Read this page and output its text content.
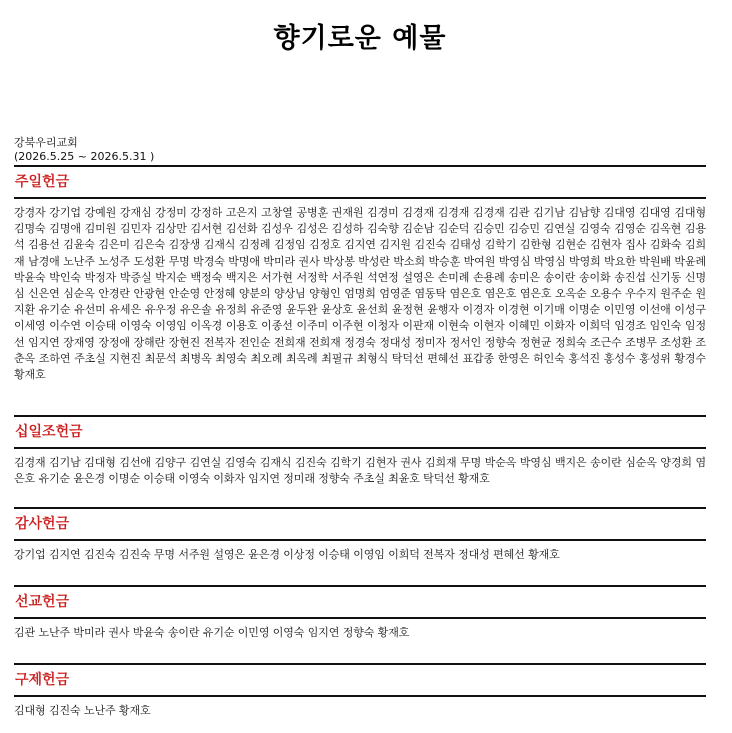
향기로운 예물
강북우리교회
(2026.5.25 ~ 2026.5.31 )
주일헌금
강경자 강기업 강예원 강재심 강정미 강정하 고은지 고창열 공병훈 권재원 김경미 김경재 김경재 김경재 김관 김기남 김남향 김대영 김대영 김대형 김명숙 김명애 김미원 김민자 김상만 김서현 김선화 김성우 김성은 김성하 김숙향 김순남 김순덕 김승민 김승민 김연실 김영숙 김영순 김옥현 김용석 김용선 김윤숙 김은미 김은숙 김장생 김재식 김정례 김정임 김정호 김지연 김지원 김진숙 김태성 김학기 김한형 김현순 김현자 집사 김화숙 김희재 남경애 노난주 노성주 도성환 무명 박경숙 박명애 박미라 권사 박상봉 박성란 박소희 박승훈 박여원 박영심 박영심 박영희 박요한 박원배 박윤례 박윤숙 박인숙 박정자 박증실 박지순 백정숙 백지은 서가현 서정학 서주원 석연정 설영은 손미례 손용례 송미은 송이란 송이화 송진섭 신기동 신명심 신은연 심순옥 안경란 안광현 안순영 안정혜 양분의 양상님 양형인 엄명희 엄영준 염동탁 염은호 염은호 염은호 오옥순 오용수 우수지 원주순 원지환 유기순 유선미 유세은 유우정 유은솔 유정희 유준영 윤두완 윤상호 윤선희 윤정현 윤행자 이경자 이경현 이기매 이명순 이민영 이선애 이성구 이세영 이수연 이승태 이영숙 이영임 이옥경 이용호 이종선 이주미 이주현 이청자 이판재 이현숙 이현자 이혜민 이화자 이희덕 임경조 임인숙 임정선 임지연 장재영 장정애 장해란 장현진 전복자 전인순 전희재 전희재 정경숙 정대성 정미자 정서인 정향숙 정현균 정희숙 조근수 조병무 조성환 조춘옥 조하연 주초실 지현진 최문석 최병옥 최영숙 최오례 최옥례 최필규 최형식 탁덕선 편혜선 표갑종 한영은 허인숙 홍석진 홍성수 홍성위 황경수 황재호
십일조헌금
김경재 김기남 김대형 김선애 김양구 김연실 김영숙 김재식 김진숙 김학기 김현자 권사 김희재 무명 박순옥 박영심 백지은 송이란 심순옥 양경희 염은호 유기순 윤은경 이명순 이승태 이영숙 이화자 임지연 정미래 정향숙 주초실 최윤호 탁덕선 황재호
감사헌금
강기업 김지연 김진숙 김진숙 무명 서주원 설영은 윤은경 이상정 이승태 이영임 이희덕 전복자 정대성 편혜선 황재호
선교헌금
김관 노난주 박미라 권사 박윤숙 송이란 유기순 이민영 이영숙 임지연 정향숙 황재호
구제헌금
김대형 김진숙 노난주 황재호
